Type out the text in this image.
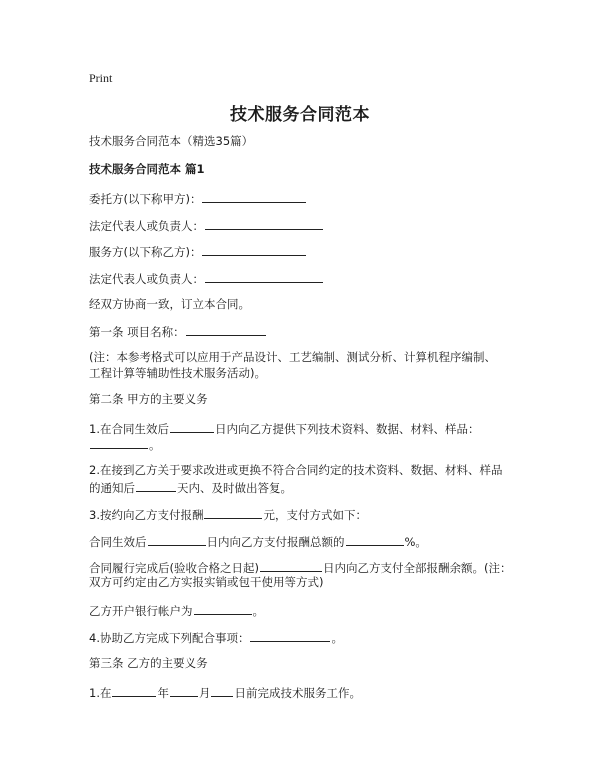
Print
技术服务合同范本
技术服务合同范本（精选35篇）
技术服务合同范本 篇1
委托方(以下称甲方)：
法定代表人或负责人：
服务方(以下称乙方)：
法定代表人或负责人：
经双方协商一致，订立本合同。
第一条 项目名称：
(注：本参考格式可以应用于产品设计、工艺编制、测试分析、计算机程序编制、
工程计算等辅助性技术服务活动)。
第二条 甲方的主要义务
1.在合同生效后	日内向乙方提供下列技术资料、数据、材料、样品：
。
2.在接到乙方关于要求改进或更换不符合合同约定的技术资料、数据、材料、样品
的通知后	天内、及时做出答复。
3.按约向乙方支付报酬	元，支付方式如下：
合同生效后	日内向乙方支付报酬总额的	%。
合同履行完成后(验收合格之日起)	日内向乙方支付全部报酬余额。(注：
双方可约定由乙方实报实销或包干使用等方式)
乙方开户银行帐户为	。
4.协助乙方完成下列配合事项：	。
第三条 乙方的主要义务
1.在	年	月 日前完成技术服务工作。
